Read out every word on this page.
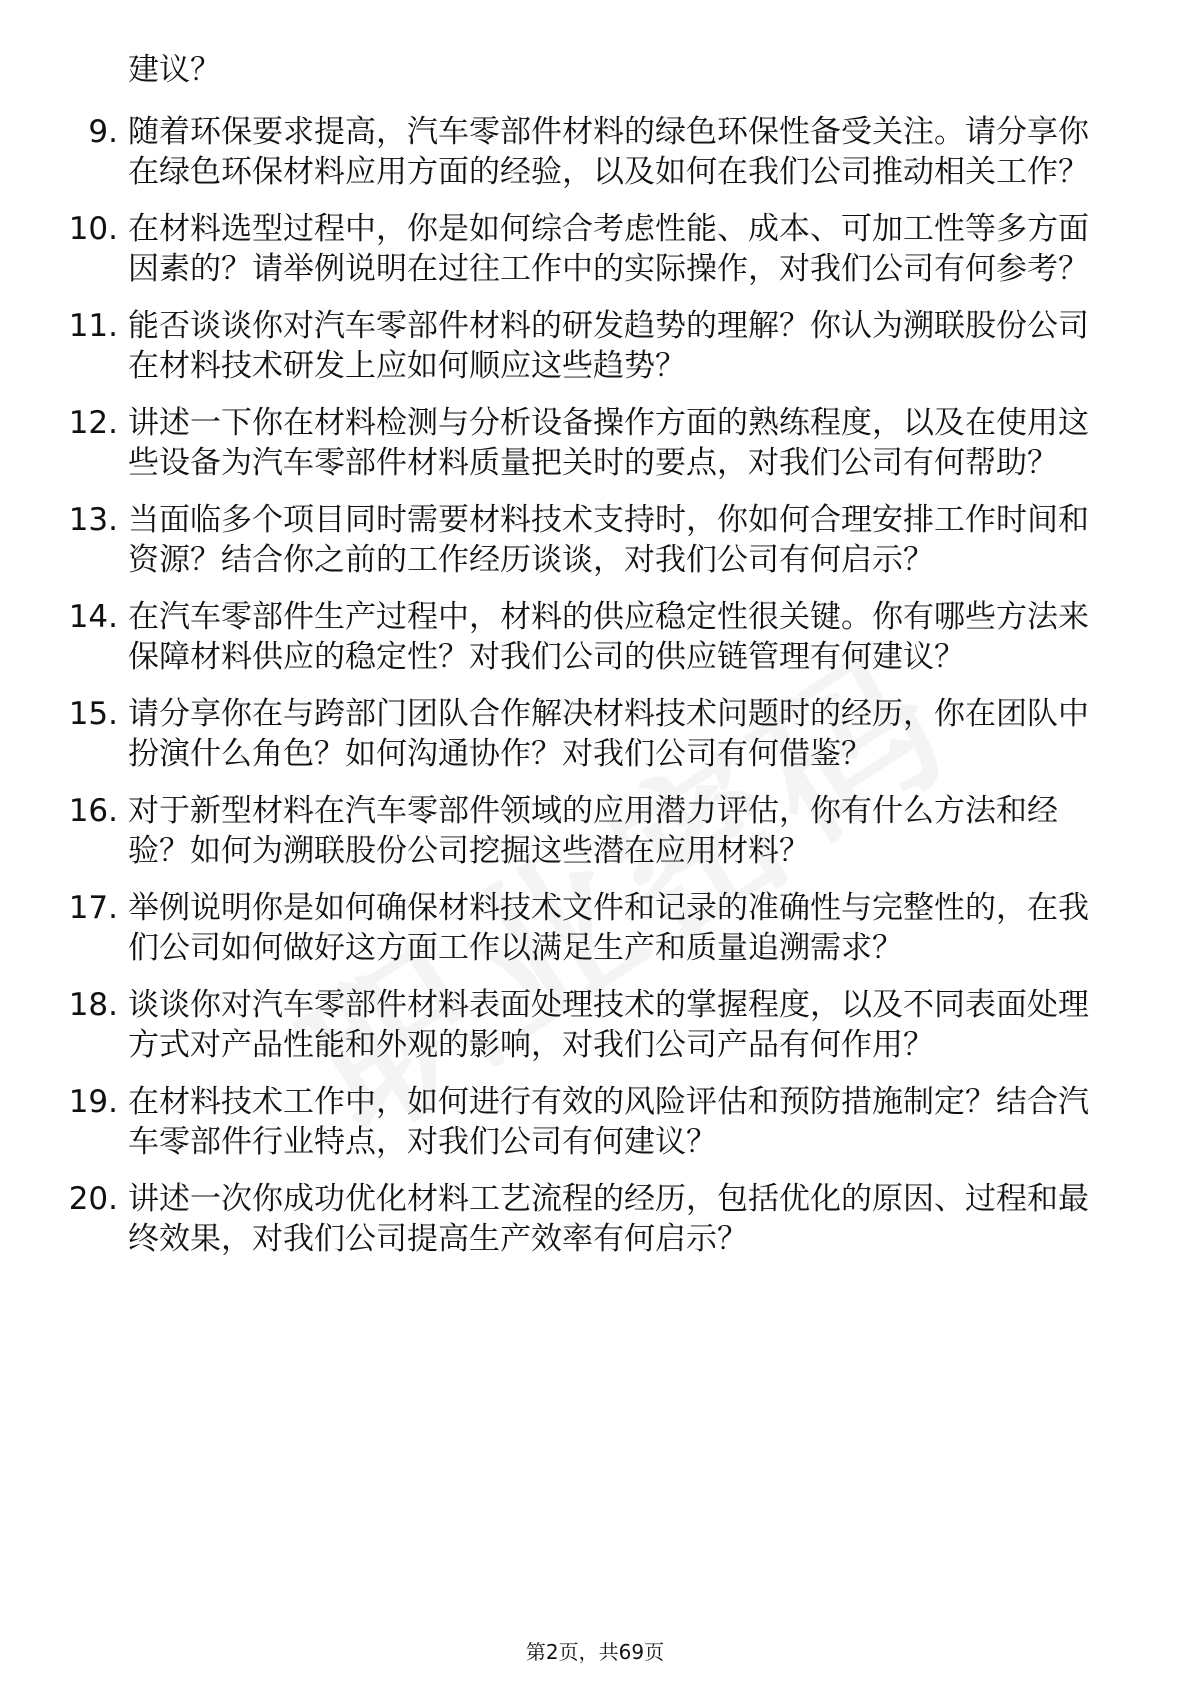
建议？

9. 随着环保要求提高，汽车零部件材料的绿色环保性备受关注。请分享你在绿色环保材料应用方面的经验，以及如何在我们公司推动相关工作？
10. 在材料选型过程中，你是如何综合考虑性能、成本、可加工性等多方面因素的？请举例说明在过往工作中的实际操作，对我们公司有何参考？
11. 能否谈谈你对汽车零部件材料的研发趋势的理解？你认为溯联股份公司在材料技术研发上应如何顺应这些趋势？
12. 讲述一下你在材料检测与分析设备操作方面的熟练程度，以及在使用这些设备为汽车零部件材料质量把关时的要点，对我们公司有何帮助？
13. 当面临多个项目同时需要材料技术支持时，你如何合理安排工作时间和资源？结合你之前的工作经历谈谈，对我们公司有何启示？
14. 在汽车零部件生产过程中，材料的供应稳定性很关键。你有哪些方法来保障材料供应的稳定性？对我们公司的供应链管理有何建议？
15. 请分享你在与跨部门团队合作解决材料技术问题时的经历，你在团队中扮演什么角色？如何沟通协作？对我们公司有何借鉴？
16. 对于新型材料在汽车零部件领域的应用潜力评估，你有什么方法和经验？如何为溯联股份公司挖掘这些潜在应用材料？
17. 举例说明你是如何确保材料技术文件和记录的准确性与完整性的，在我们公司如何做好这方面工作以满足生产和质量追溯需求？
18. 谈谈你对汽车零部件材料表面处理技术的掌握程度，以及不同表面处理方式对产品性能和外观的影响，对我们公司产品有何作用？
19. 在材料技术工作中，如何进行有效的风险评估和预防措施制定？结合汽车零部件行业特点，对我们公司有何建议？
20. 讲述一次你成功优化材料工艺流程的经历，包括优化的原因、过程和最终效果，对我们公司提高生产效率有何启示？
第2页，共69页
